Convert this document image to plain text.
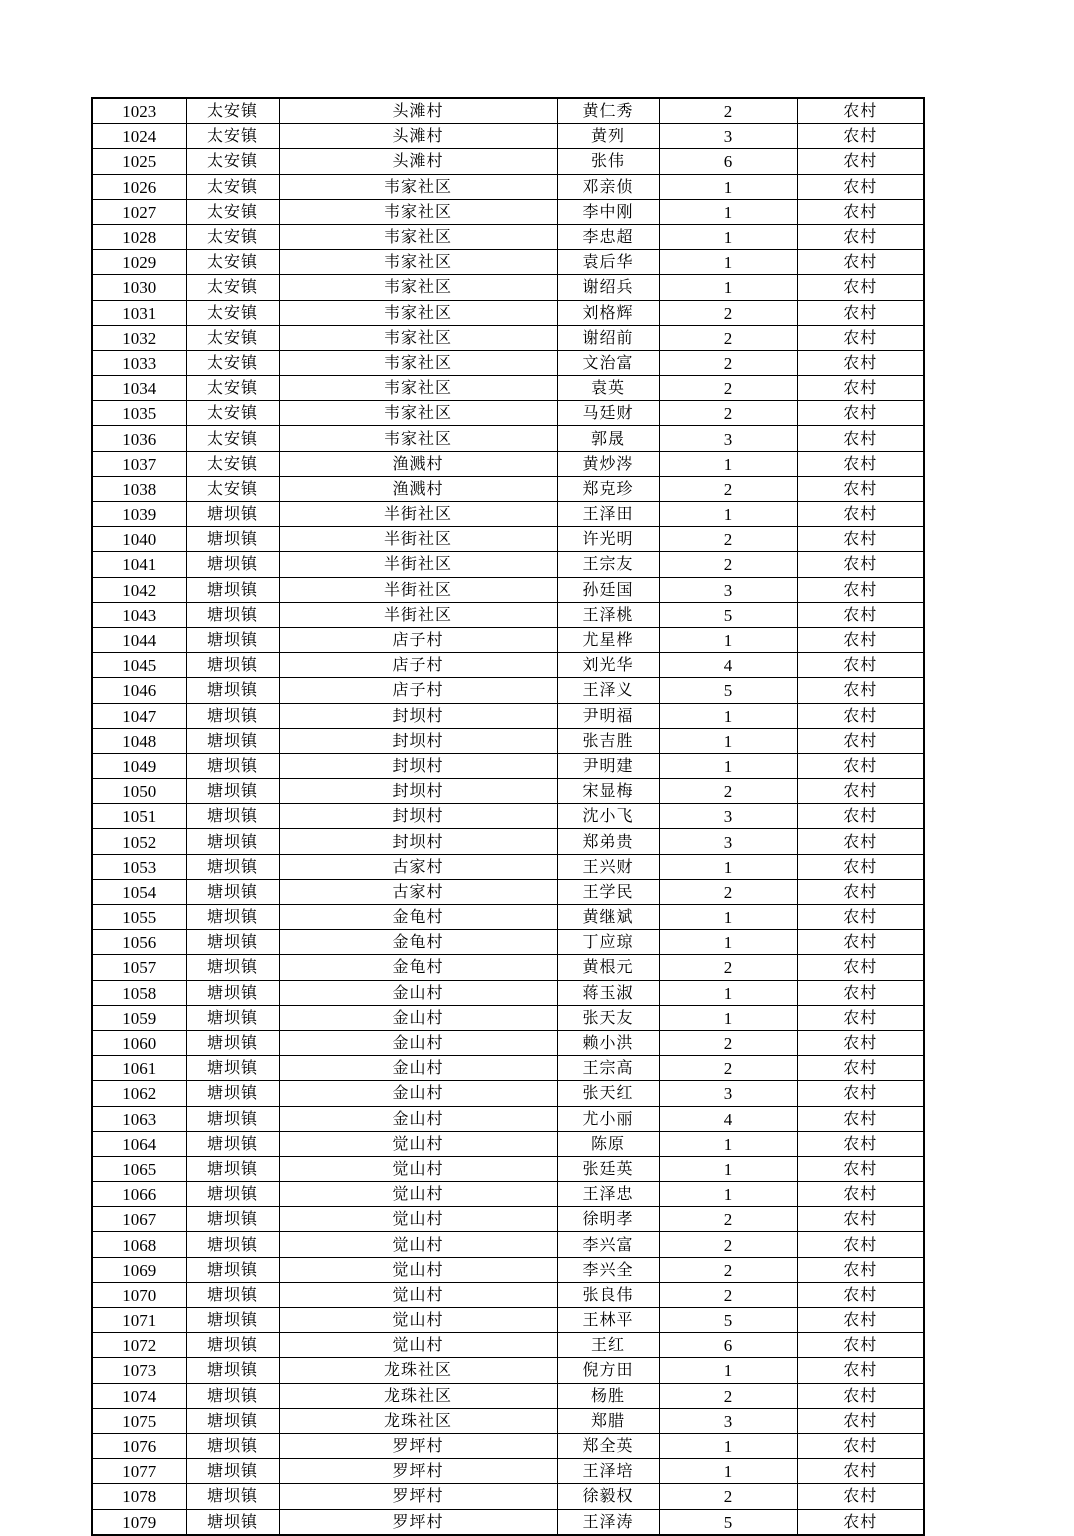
1023	太安镇	头滩村	黄仁秀	2	农村
1024	太安镇	头滩村	黄列	3	农村
1025	太安镇	头滩村	张伟	6	农村
1026	太安镇	韦家社区	邓亲侦	1	农村
1027	太安镇	韦家社区	李中刚	1	农村
1028	太安镇	韦家社区	李忠超	1	农村
1029	太安镇	韦家社区	袁后华	1	农村
1030	太安镇	韦家社区	谢绍兵	1	农村
1031	太安镇	韦家社区	刘格辉	2	农村
1032	太安镇	韦家社区	谢绍前	2	农村
1033	太安镇	韦家社区	文治富	2	农村
1034	太安镇	韦家社区	袁英	2	农村
1035	太安镇	韦家社区	马廷财	2	农村
1036	太安镇	韦家社区	郭晟	3	农村
1037	太安镇	渔溅村	黄炒涔	1	农村
1038	太安镇	渔溅村	郑克珍	2	农村
1039	塘坝镇	半街社区	王泽田	1	农村
1040	塘坝镇	半街社区	许光明	2	农村
1041	塘坝镇	半街社区	王宗友	2	农村
1042	塘坝镇	半街社区	孙廷国	3	农村
1043	塘坝镇	半街社区	王泽桃	5	农村
1044	塘坝镇	店子村	尤星桦	1	农村
1045	塘坝镇	店子村	刘光华	4	农村
1046	塘坝镇	店子村	王泽义	5	农村
1047	塘坝镇	封坝村	尹明福	1	农村
1048	塘坝镇	封坝村	张吉胜	1	农村
1049	塘坝镇	封坝村	尹明建	1	农村
1050	塘坝镇	封坝村	宋显梅	2	农村
1051	塘坝镇	封坝村	沈小飞	3	农村
1052	塘坝镇	封坝村	郑弟贵	3	农村
1053	塘坝镇	古家村	王兴财	1	农村
1054	塘坝镇	古家村	王学民	2	农村
1055	塘坝镇	金龟村	黄继斌	1	农村
1056	塘坝镇	金龟村	丁应琼	1	农村
1057	塘坝镇	金龟村	黄根元	2	农村
1058	塘坝镇	金山村	蒋玉淑	1	农村
1059	塘坝镇	金山村	张天友	1	农村
1060	塘坝镇	金山村	赖小洪	2	农村
1061	塘坝镇	金山村	王宗高	2	农村
1062	塘坝镇	金山村	张天红	3	农村
1063	塘坝镇	金山村	尤小丽	4	农村
1064	塘坝镇	觉山村	陈原	1	农村
1065	塘坝镇	觉山村	张廷英	1	农村
1066	塘坝镇	觉山村	王泽忠	1	农村
1067	塘坝镇	觉山村	徐明孝	2	农村
1068	塘坝镇	觉山村	李兴富	2	农村
1069	塘坝镇	觉山村	李兴全	2	农村
1070	塘坝镇	觉山村	张良伟	2	农村
1071	塘坝镇	觉山村	王林平	5	农村
1072	塘坝镇	觉山村	王红	6	农村
1073	塘坝镇	龙珠社区	倪方田	1	农村
1074	塘坝镇	龙珠社区	杨胜	2	农村
1075	塘坝镇	龙珠社区	郑腊	3	农村
1076	塘坝镇	罗坪村	郑全英	1	农村
1077	塘坝镇	罗坪村	王泽培	1	农村
1078	塘坝镇	罗坪村	徐毅权	2	农村
1079	塘坝镇	罗坪村	王泽涛	5	农村
